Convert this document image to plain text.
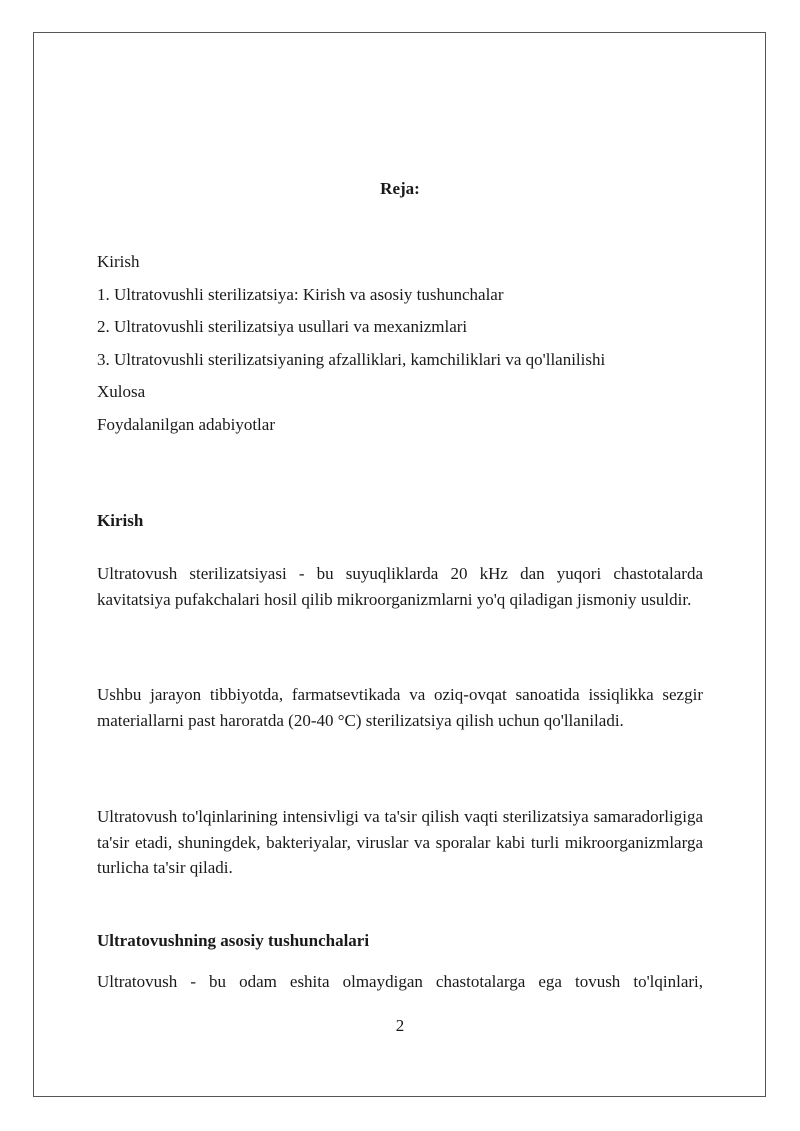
Reja:
Kirish
1. Ultratovushli sterilizatsiya: Kirish va asosiy tushunchalar
2. Ultratovushli sterilizatsiya usullari va mexanizmlari
3. Ultratovushli sterilizatsiyaning afzalliklari, kamchiliklari va qo'llanilishi
Xulosa
Foydalanilgan adabiyotlar
Kirish

Ultratovush sterilizatsiyasi - bu suyuqliklarda 20 kHz dan yuqori chastotalarda kavitatsiya pufakchalari hosil qilib mikroorganizmlarni yo'q qiladigan jismoniy usuldir.

Ushbu jarayon tibbiyotda, farmatsevtikada va oziq-ovqat sanoatida issiqlikka sezgir materiallarni past haroratda (20-40 °C) sterilizatsiya qilish uchun qo'llaniladi.

Ultratovush to'lqinlarining intensivligi va ta'sir qilish vaqti sterilizatsiya samaradorligiga ta'sir etadi, shuningdek, bakteriyalar, viruslar va sporalar kabi turli mikroorganizmlarga turlicha ta'sir qiladi.

Ultratovushning asosiy tushunchalari

Ultratovush - bu odam eshita olmaydigan chastotalarga ega tovush to'lqinlari,

2
